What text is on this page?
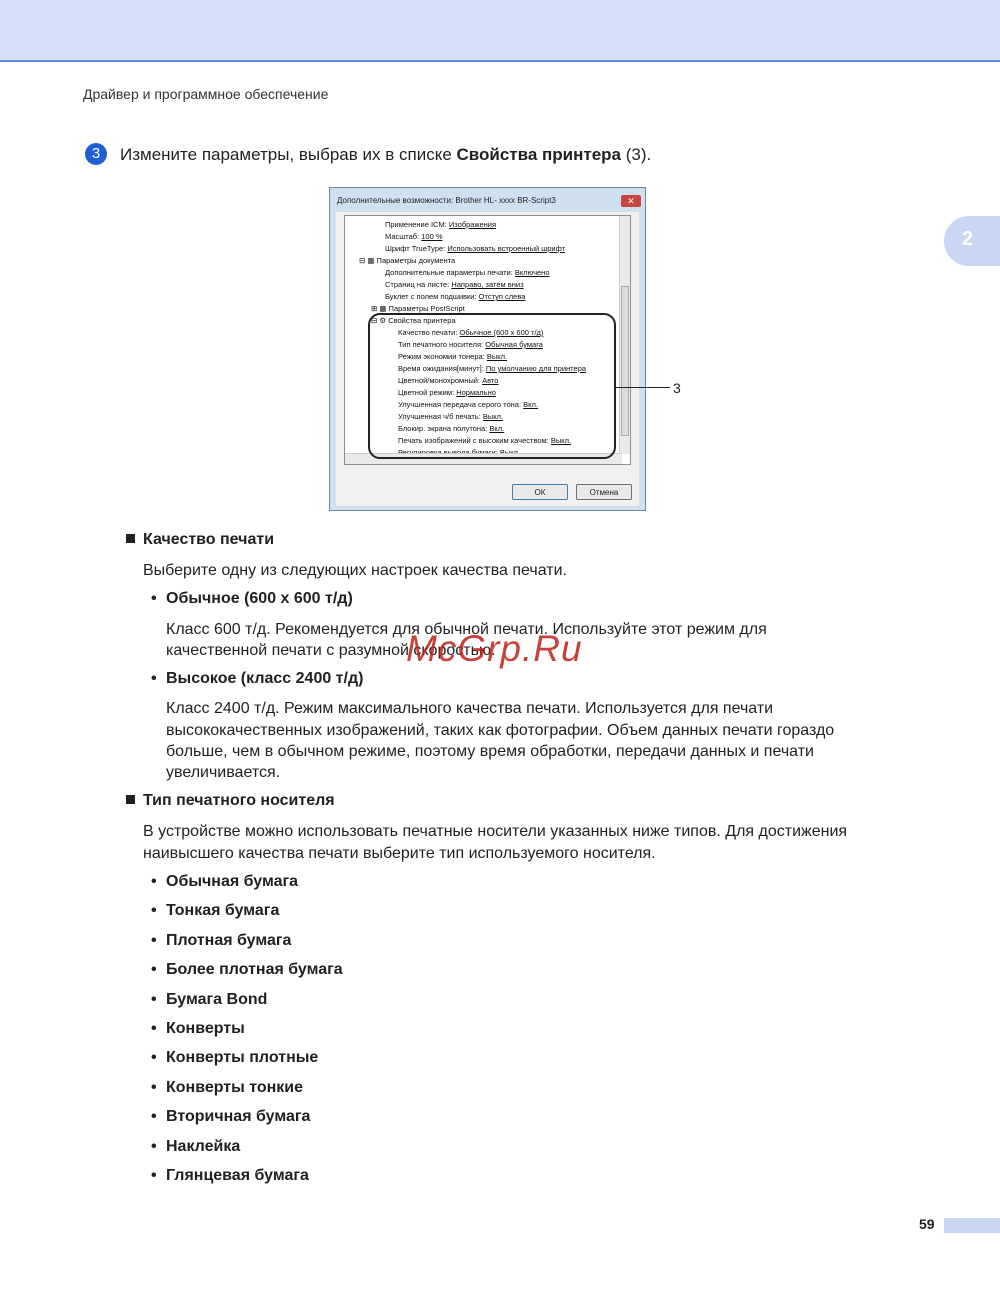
Драйвер и программное обеспечение
2
3	Измените параметры, выбрав их в списке Свойства принтера (3).
Дополнительные возможности: Brother HL- xxxx BR-Script3	✕
Применение ICM: Изображения
Масштаб: 100 %
Шрифт TrueType: Использовать встроенный шрифт
⊟ ▦ Параметры документа
Дополнительные параметры печати: Включено
Страниц на листе: Направо, затем вниз
Буклет с полем подшивки: Отступ слева
⊞ ▦ Параметры PostScript
⊟ ⚙ Свойства принтера
Качество печати: Обычное (600 x 600 т/д)
Тип печатного носителя: Обычная бумага
Режим экономии тонера: Выкл.
Время ожидания[минут]: По умолчанию для принтера
Цветной/монохромный: Авто
Цветной режим: Нормально
Улучшенная передача серого тона: Вкл.
Улучшенная ч/б печать: Выкл.
Блокир. экрана полутона: Вкл.
Печать изображений с высоким качеством: Выкл.
ОК	Отмена
3
Качество печати
Выберите одну из следующих настроек качества печати.
• Обычное (600 x 600 т/д)
Класс 600 т/д. Рекомендуется для обычной печати. Используйте этот режим для
качественной печати с разумной скоростью.
• Высокое (класс 2400 т/д)
Класс 2400 т/д. Режим максимального качества печати. Используется для печати
высококачественных изображений, таких как фотографии. Объем данных печати гораздо
больше, чем в обычном режиме, поэтому время обработки, передачи данных и печати
увеличивается.
Тип печатного носителя
В устройстве можно использовать печатные носители указанных ниже типов. Для достижения
наивысшего качества печати выберите тип используемого носителя.
• Обычная бумага
• Тонкая бумага
• Плотная бумага
• Более плотная бумага
• Бумага Bond
• Конверты
• Конверты плотные
• Конверты тонкие
• Вторичная бумага
• Наклейка
• Глянцевая бумага
McGrp.Ru
59
